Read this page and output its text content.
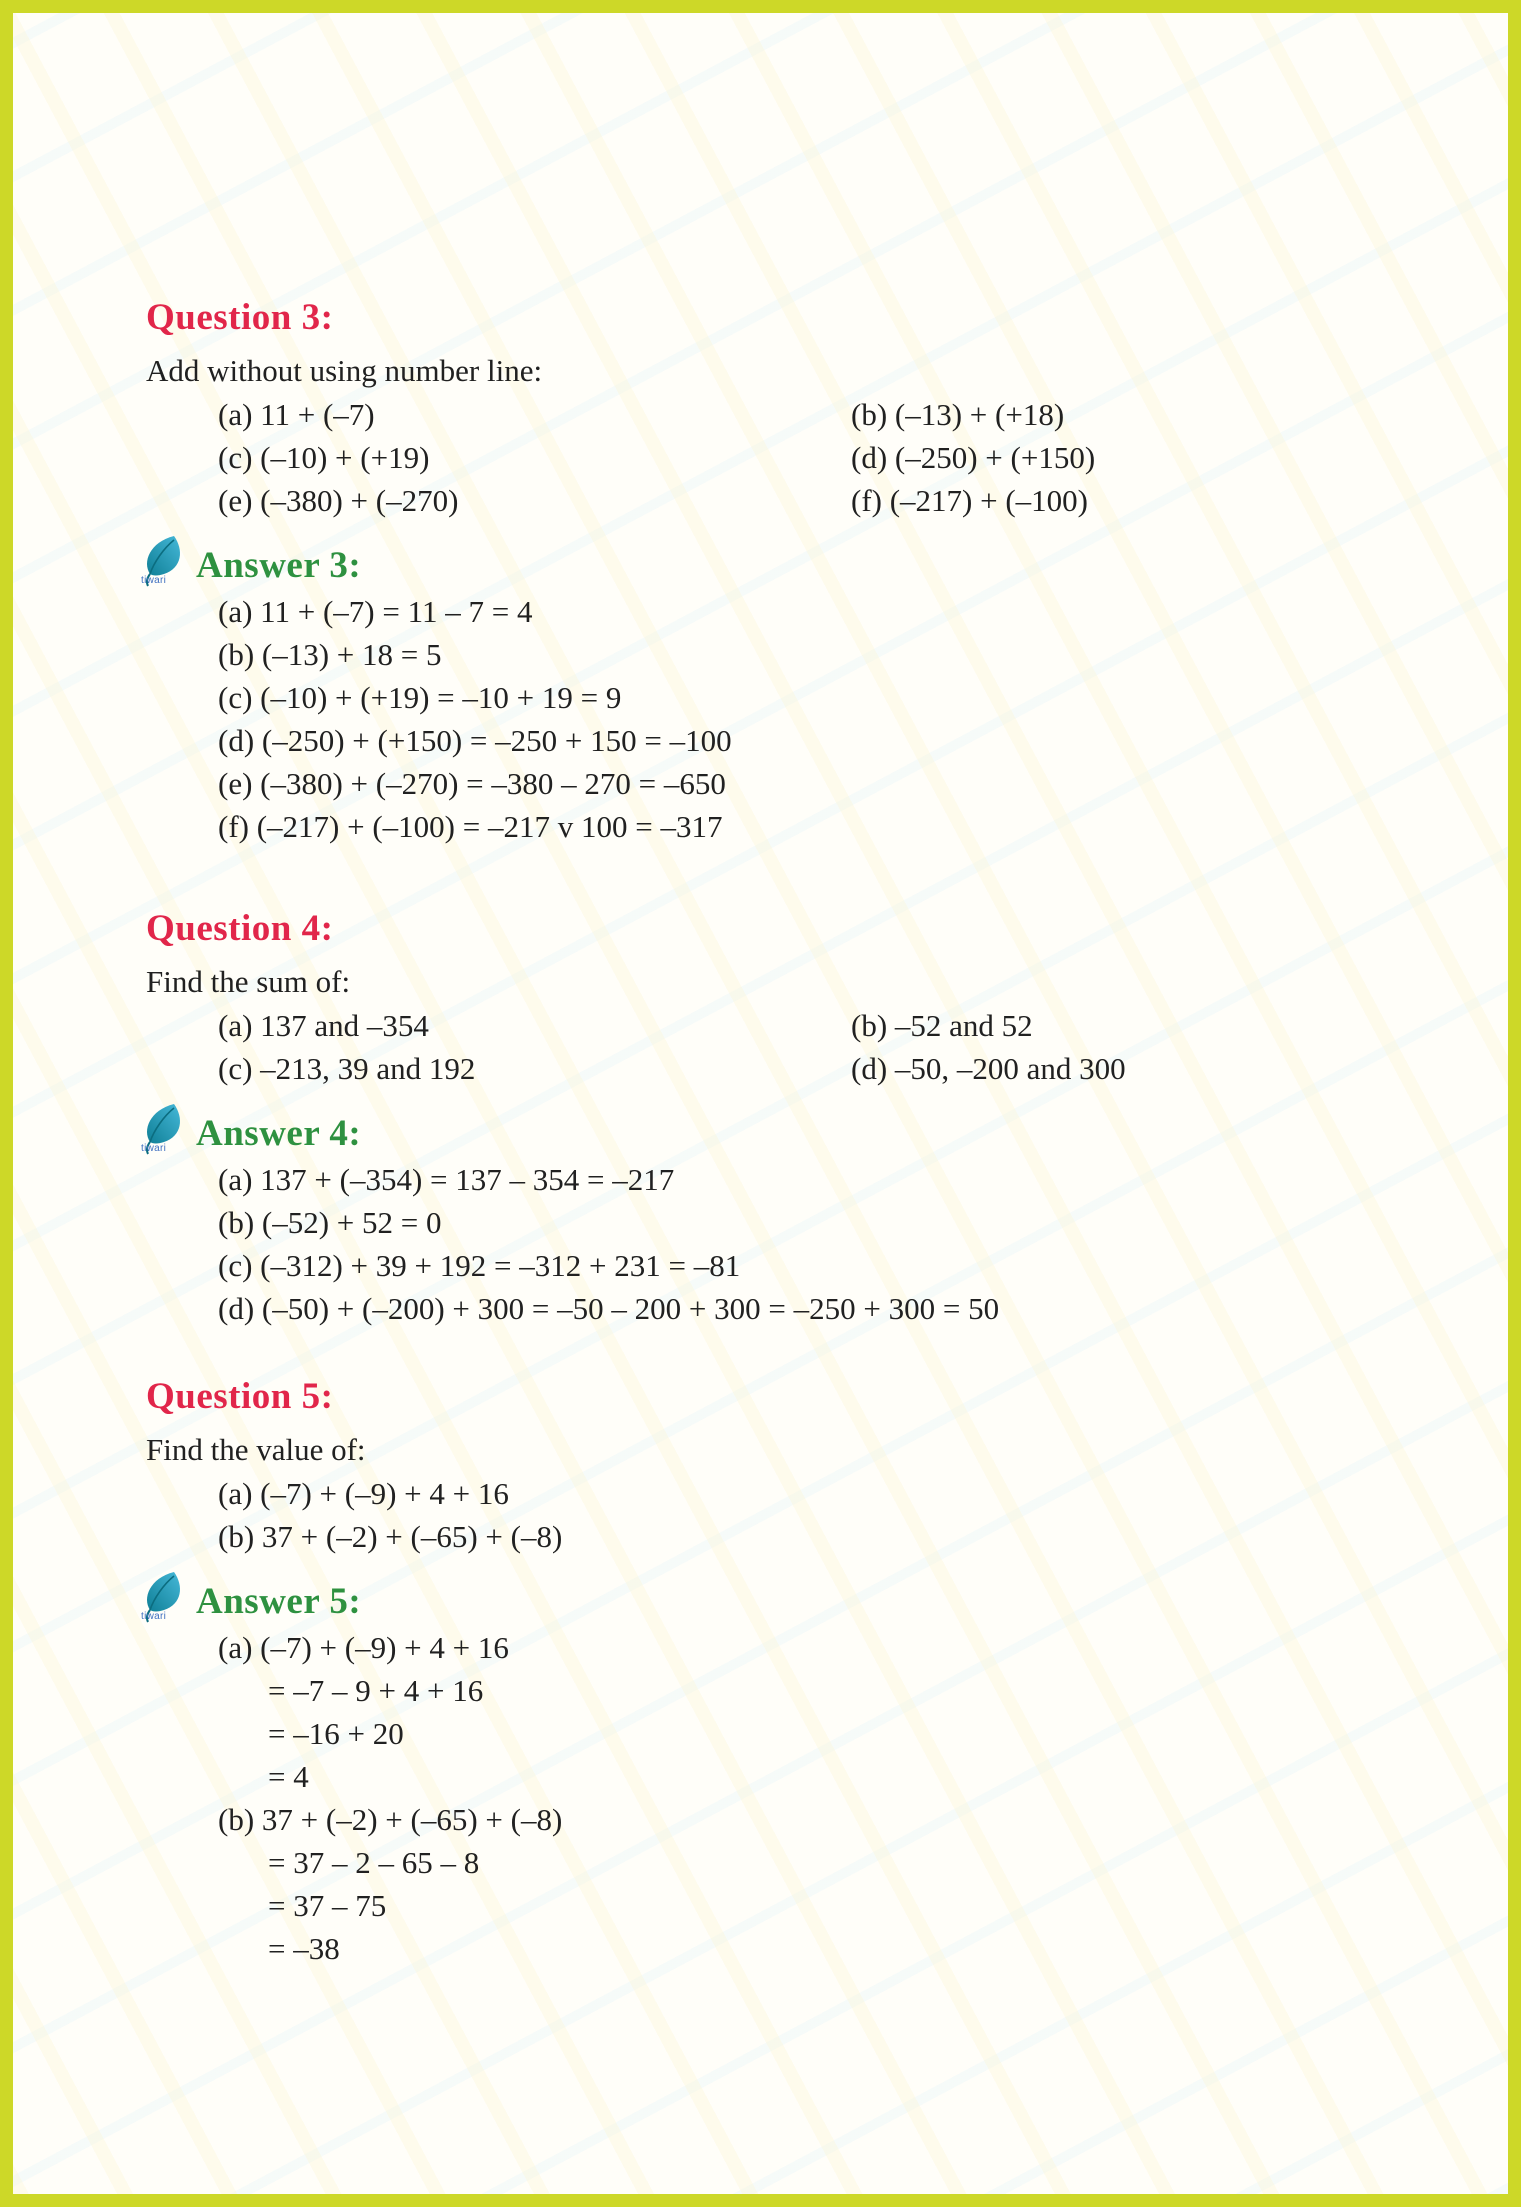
Question 3:

Add without using number line:

(a) 11 + (–7)	(b) (–13) + (+18)
(c) (–10) + (+19)	(d) (–250) + (+150)
(e) (–380) + (–270)	(f) (–217) + (–100)
tiwari Answer 3:

(a) 11 + (–7) = 11 – 7 = 4

(b) (–13) + 18 = 5

(c) (–10) + (+19) = –10 + 19 = 9

(d) (–250) + (+150) = –250 + 150 = –100

(e) (–380) + (–270) = –380 – 270 = –650

(f) (–217) + (–100) = –217 v 100 = –317

Question 4:

Find the sum of:

(a) 137 and –354	(b) –52 and 52
(c) –213, 39 and 192	(d) –50, –200 and 300
tiwari Answer 4:

(a) 137 + (–354) = 137 – 354 = –217

(b) (–52) + 52 = 0

(c) (–312) + 39 + 192 = –312 + 231 = –81

(d) (–50) + (–200) + 300 = –50 – 200 + 300 = –250 + 300 = 50

Question 5:

Find the value of:

(a) (–7) + (–9) + 4 + 16
(b) 37 + (–2) + (–65) + (–8)
tiwari Answer 5:

(a) (–7) + (–9) + 4 + 16

= –7 – 9 + 4 + 16

= –16 + 20

= 4

(b) 37 + (–2) + (–65) + (–8)

= 37 – 2 – 65 – 8

= 37 – 75

= –38
